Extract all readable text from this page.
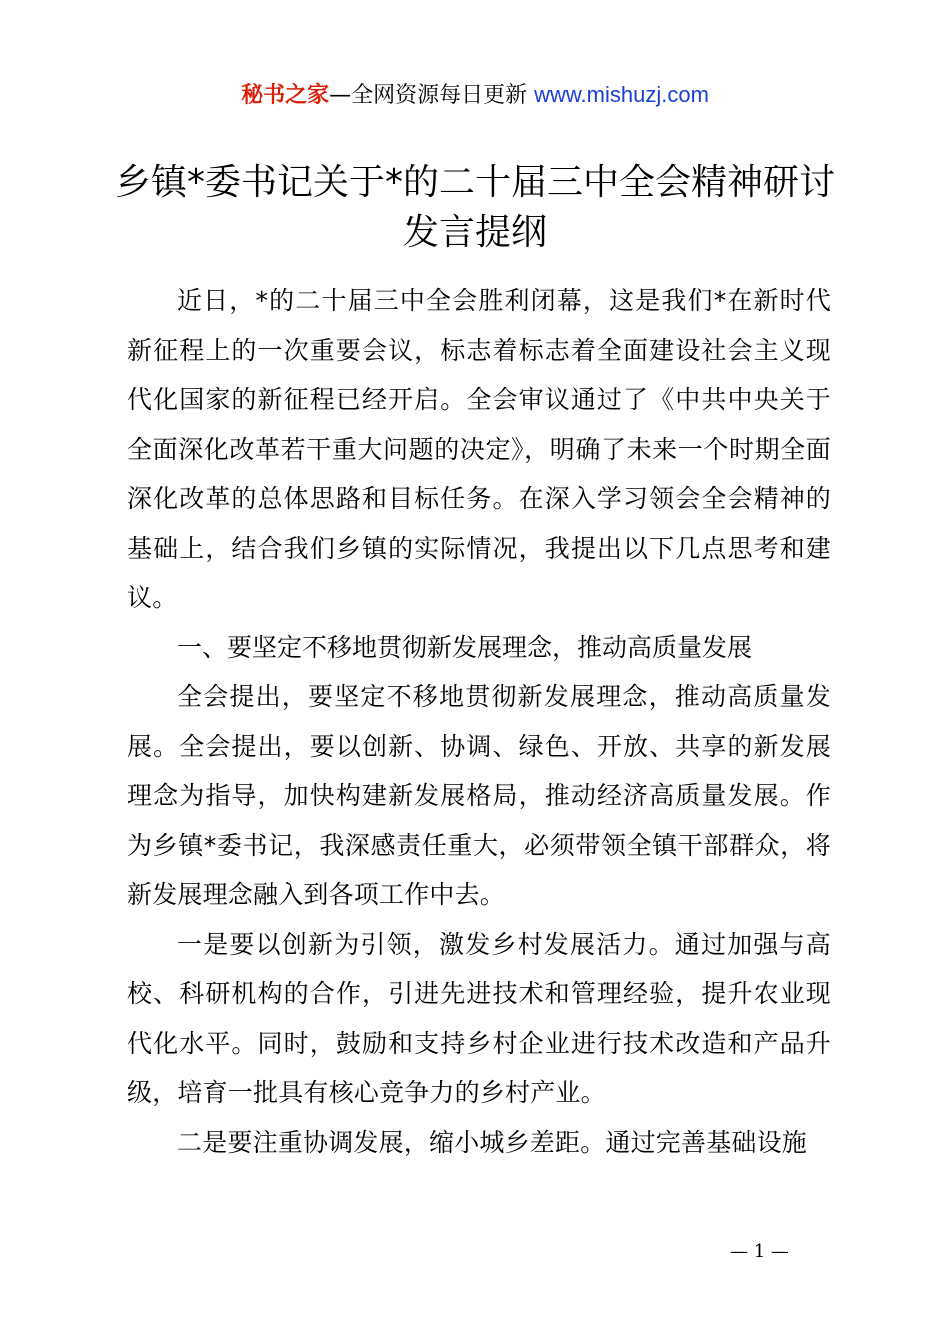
秘书之家—全网资源每日更新 www.mishuzj.com
乡镇*委书记关于*的二十届三中全会精神研讨发言提纲

近日，*的二十届三中全会胜利闭幕，这是我们*在新时代新征程上的一次重要会议，标志着标志着全面建设社会主义现代化国家的新征程已经开启。全会审议通过了《中共中央关于全面深化改革若干重大问题的决定》，明确了未来一个时期全面深化改革的总体思路和目标任务。在深入学习领会全会精神的基础上，结合我们乡镇的实际情况，我提出以下几点思考和建议。

一、要坚定不移地贯彻新发展理念，推动高质量发展

全会提出，要坚定不移地贯彻新发展理念，推动高质量发展。全会提出，要以创新、协调、绿色、开放、共享的新发展理念为指导，加快构建新发展格局，推动经济高质量发展。作为乡镇*委书记，我深感责任重大，必须带领全镇干部群众，将新发展理念融入到各项工作中去。

一是要以创新为引领，激发乡村发展活力。通过加强与高校、科研机构的合作，引进先进技术和管理经验，提升农业现代化水平。同时，鼓励和支持乡村企业进行技术改造和产品升级，培育一批具有核心竞争力的乡村产业。

二是要注重协调发展，缩小城乡差距。通过完善基础设施

— 1 —
